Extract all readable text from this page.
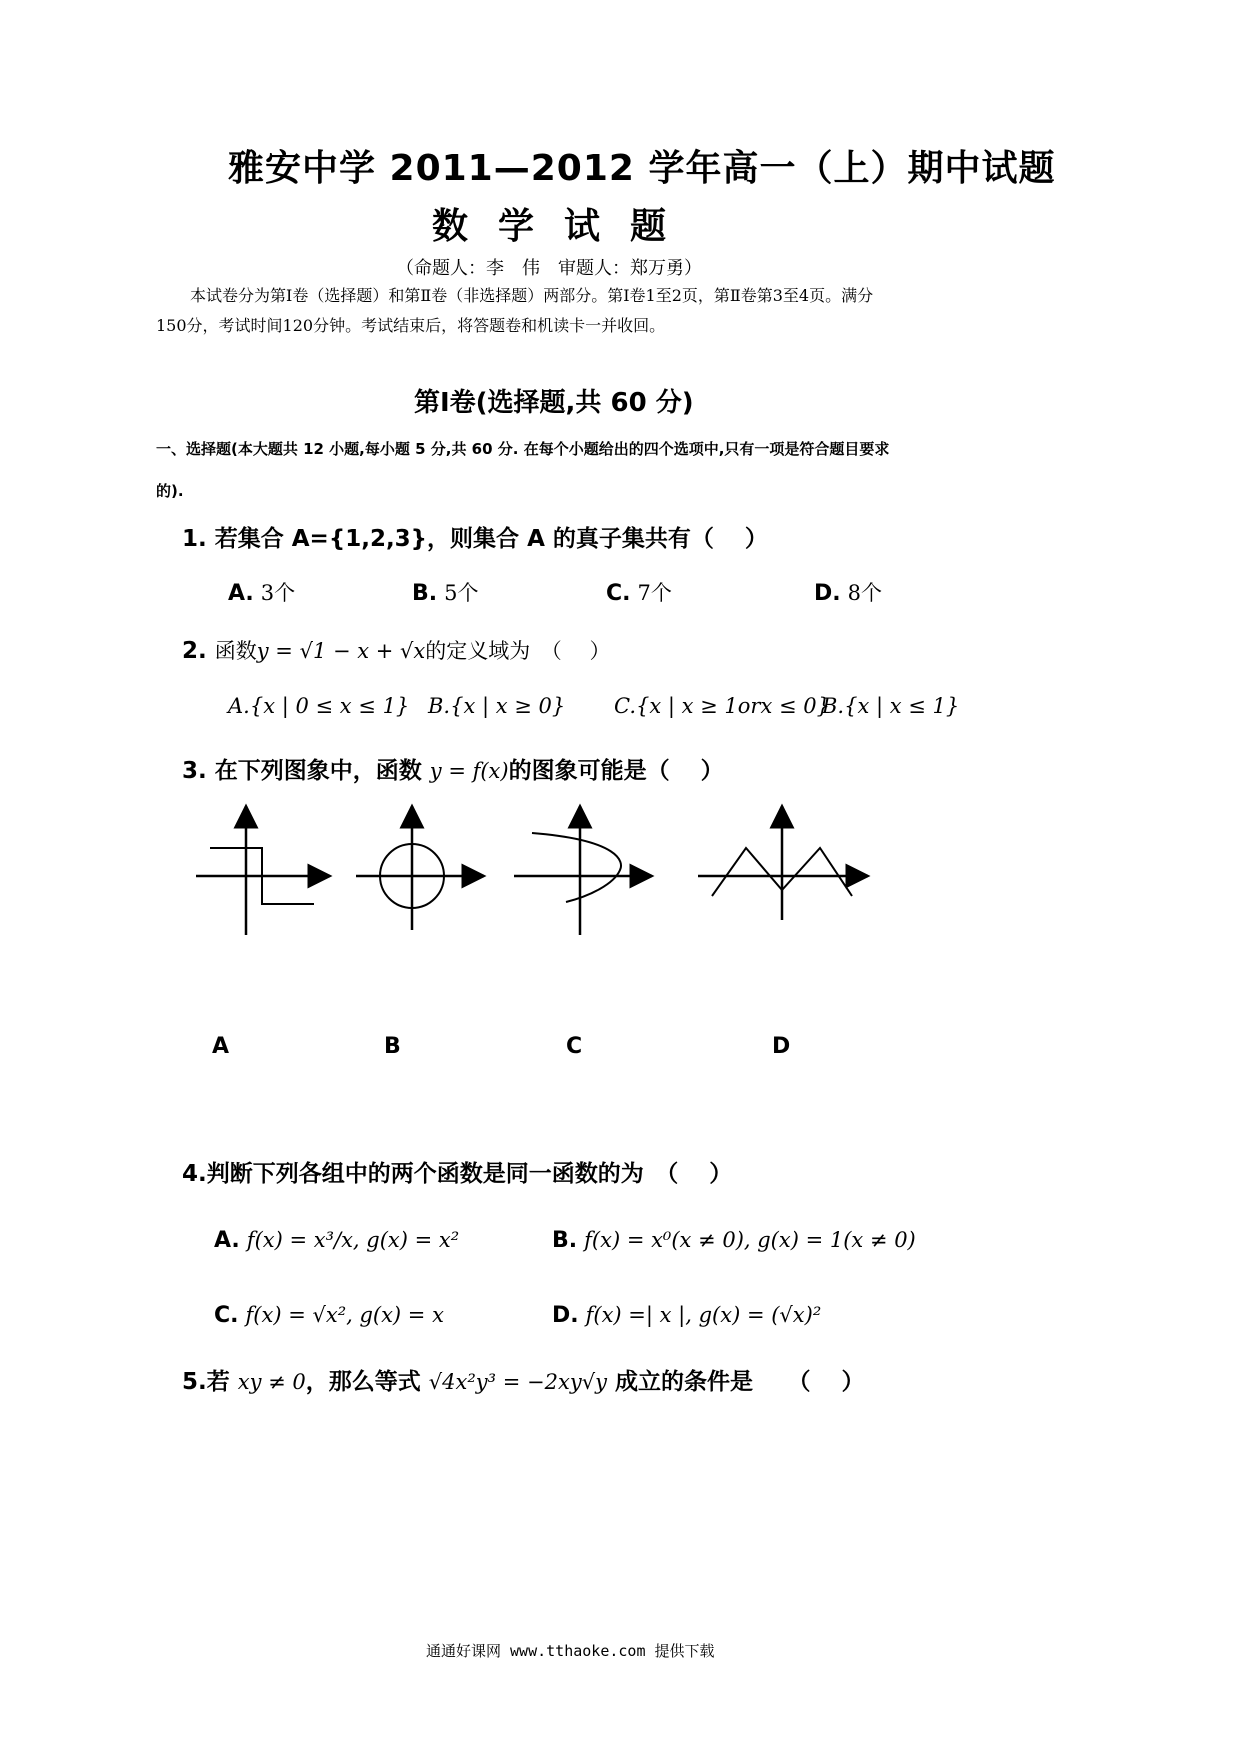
雅安中学 2011—2012 学年高一（上）期中试题
数学试题
（命题人：李　伟　审题人：郑万勇）
本试卷分为第Ⅰ卷（选择题）和第Ⅱ卷（非选择题）两部分。第Ⅰ卷1至2页，第Ⅱ卷第3至4页。满分
150分，考试时间120分钟。考试结束后，将答题卷和机读卡一并收回。
第Ⅰ卷(选择题,共 60 分)
一、选择题(本大题共 12 小题,每小题 5 分,共 60 分. 在每个小题给出的四个选项中,只有一项是符合题目要求
的).
1. 若集合 A={1,2,3}，则集合 A 的真子集共有（　 ）
A. 3个	B. 5个	C. 7个	D. 8个
2. 函数y = √1 − x + √x的定义域为　（　 ）
A.{x | 0 ≤ x ≤ 1} B.{x | x ≥ 0} C.{x | x ≥ 1orx ≤ 0}
B.{x | x ≤ 1}
3. 在下列图象中，函数 y = f(x)的图象可能是（　 ）
A	B	C	D
4.判断下列各组中的两个函数是同一函数的为　（　 ）
A. f(x) = x³/x, g(x) = x²	B. f(x) = x⁰(x ≠ 0), g(x) = 1(x ≠ 0)
C. f(x) = √x², g(x) = x	D. f(x) =| x |, g(x) = (√x)²
5.若 xy ≠ 0，那么等式 √4x²y³ = −2xy√y 成立的条件是　　（　 ）
通通好课网 www.tthaoke.com 提供下载
